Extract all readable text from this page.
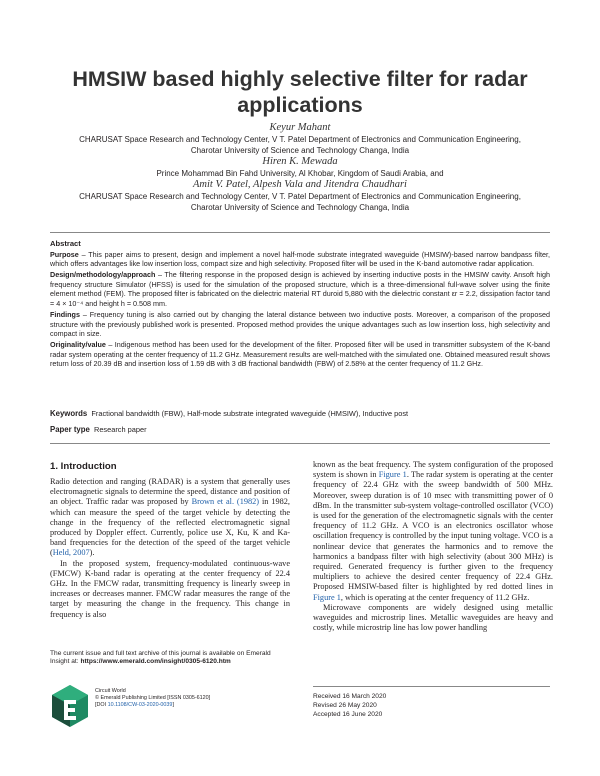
HMSIW based highly selective filter for radar applications
Keyur Mahant
CHARUSAT Space Research and Technology Center, V T. Patel Department of Electronics and Communication Engineering,
Charotar University of Science and Technology Changa, India
Hiren K. Mewada
Prince Mohammad Bin Fahd University, Al Khobar, Kingdom of Saudi Arabia, and
Amit V. Patel, Alpesh Vala and Jitendra Chaudhari
CHARUSAT Space Research and Technology Center, V T. Patel Department of Electronics and Communication Engineering,
Charotar University of Science and Technology Changa, India
Abstract

Purpose – This paper aims to present, design and implement a novel half-mode substrate integrated waveguide (HMSIW)-based narrow bandpass filter, which offers advantages like low insertion loss, compact size and high selectivity. Proposed filter will be used in the K-band automotive radar application.

Design/methodology/approach – The filtering response in the proposed design is achieved by inserting inductive posts in the HMSIW cavity. Ansoft high frequency structure Simulator (HFSS) is used for the simulation of the proposed structure, which is a three-dimensional full-wave solver using the finite element method (FEM). The proposed filter is fabricated on the dielectric material RT duroid 5,880 with the dielectric constant εr = 2.2, dissipation factor tand = 4 × 10⁻⁴ and height h = 0.508 mm.

Findings – Frequency tuning is also carried out by changing the lateral distance between two inductive posts. Moreover, a comparison of the proposed structure with the previously published work is presented. Proposed method provides the unique advantages such as low insertion loss, high selectivity and compact in size.

Originality/value – Indigenous method has been used for the development of the filter. Proposed filter will be used in transmitter subsystem of the K-band radar system operating at the center frequency of 11.2 GHz. Measurement results are well-matched with the simulated one. Obtained measured result shows return loss of 20.39 dB and insertion loss of 1.59 dB with 3 dB fractional bandwidth (FBW) of 2.58% at the center frequency of 11.2 GHz.

Keywords Fractional bandwidth (FBW), Half-mode substrate integrated waveguide (HMSIW), Inductive post
Paper type Research paper
1. Introduction

Radio detection and ranging (RADAR) is a system that generally uses electromagnetic signals to determine the speed, distance and position of an object. Traffic radar was proposed by Brown et al. (1982) in 1982, which can measure the speed of the target vehicle by detecting the change in the frequency of the reflected electromagnetic signal produced by Doppler effect. Currently, police use X, Ku, K and Ka-band frequencies for the detection of the speed of the target vehicle (Held, 2007).

In the proposed system, frequency-modulated continuous-wave (FMCW) K-band radar is operating at the center frequency of 22.4 GHz. In the FMCW radar, transmitting frequency is linearly sweep in increases or decreases manner. FMCW radar measures the range of the target by measuring the change in the frequency. This change in frequency is also

known as the beat frequency. The system configuration of the proposed system is shown in Figure 1. The radar system is operating at the center frequency of 22.4 GHz with the sweep bandwidth of 500 MHz. Moreover, sweep duration is of 10 msec with transmitting power of 0 dBm. In the transmitter sub-system voltage-controlled oscillator (VCO) is used for the generation of the electromagnetic signals with the center frequency of 11.2 GHz. A VCO is an electronics oscillator whose oscillation frequency is controlled by the input tuning voltage. VCO is a nonlinear device that generates the harmonics and to remove the harmonics a bandpass filter with high selectivity (about 300 MHz) is required. Generated frequency is further given to the frequency multipliers to achieve the desired center frequency of 22.4 GHz. Proposed HMSIW-based filter is highlighted by red dotted lines in Figure 1, which is operating at the center frequency of 11.2 GHz.

Microwave components are widely designed using metallic waveguides and microstrip lines. Metallic waveguides are heavy and costly, while microstrip line has low power handling

The current issue and full text archive of this journal is available on Emerald
Insight at: https://www.emerald.com/insight/0305-6120.htm
Circuit World
© Emerald Publishing Limited [ISSN 0305-6120]
[DOI 10.1108/CW-03-2020-0039]
Received 16 March 2020
Revised 26 May 2020
Accepted 16 June 2020
